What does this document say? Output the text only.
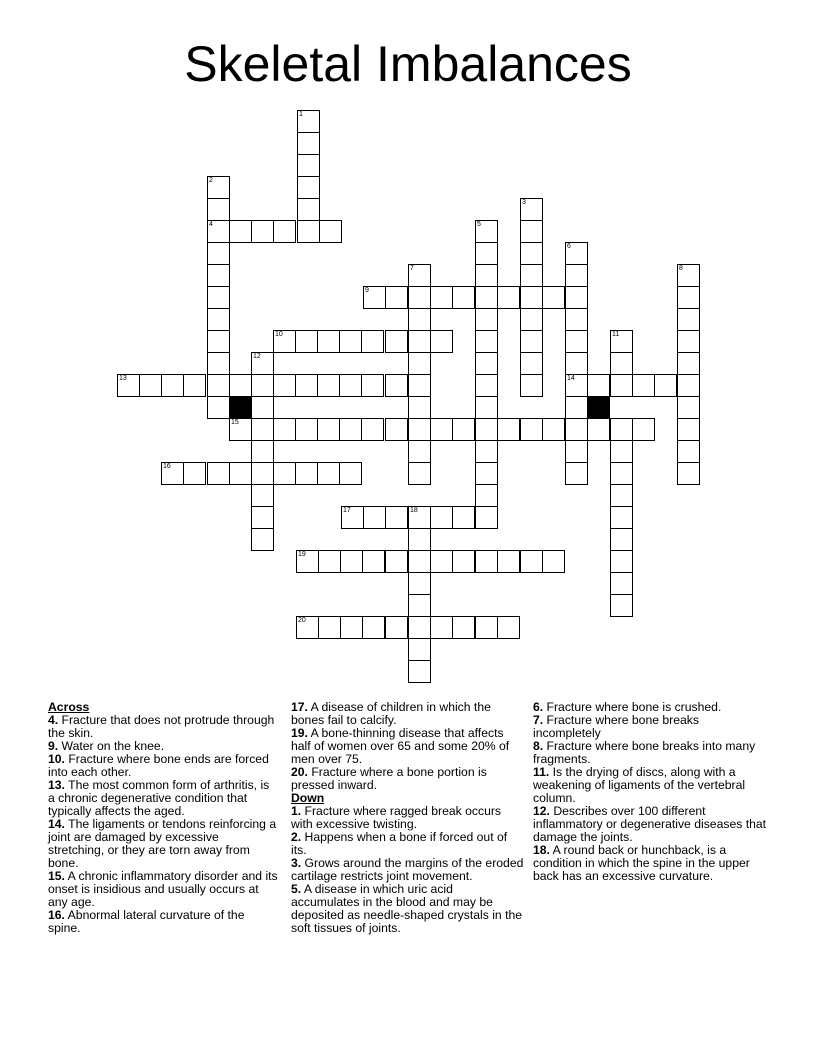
Skeletal Imbalances
1
2
4
3
5
6
14
7	8
9
10	11
12
13
15
16
17	18
19
20
Across
4. Fracture that does not protrude through the skin.
9. Water on the knee.
10. Fracture where bone ends are forced into each other.
13. The most common form of arthritis, is a chronic degenerative condition that typically affects the aged.
14. The ligaments or tendons reinforcing a joint are damaged by excessive stretching, or they are torn away from bone.
15. A chronic inflammatory disorder and its onset is insidious and usually occurs at any age.
16. Abnormal lateral curvature of the spine.
17. A disease of children in which the bones fail to calcify.
19. A bone-thinning disease that affects half of women over 65 and some 20% of men over 75.
20. Fracture where a bone portion is pressed inward.
Down
1. Fracture where ragged break occurs with excessive twisting.
2. Happens when a bone if forced out of its.
3. Grows around the margins of the eroded cartilage restricts joint movement.
5. A disease in which uric acid accumulates in the blood and may be deposited as needle-shaped crystals in the soft tissues of joints.
6. Fracture where bone is crushed.
7. Fracture where bone breaks incompletely
8. Fracture where bone breaks into many fragments.
11. Is the drying of discs, along with a weakening of ligaments of the vertebral column.
12. Describes over 100 different inflammatory or degenerative diseases that damage the joints.
18. A round back or hunchback, is a condition in which the spine in the upper back has an excessive curvature.
